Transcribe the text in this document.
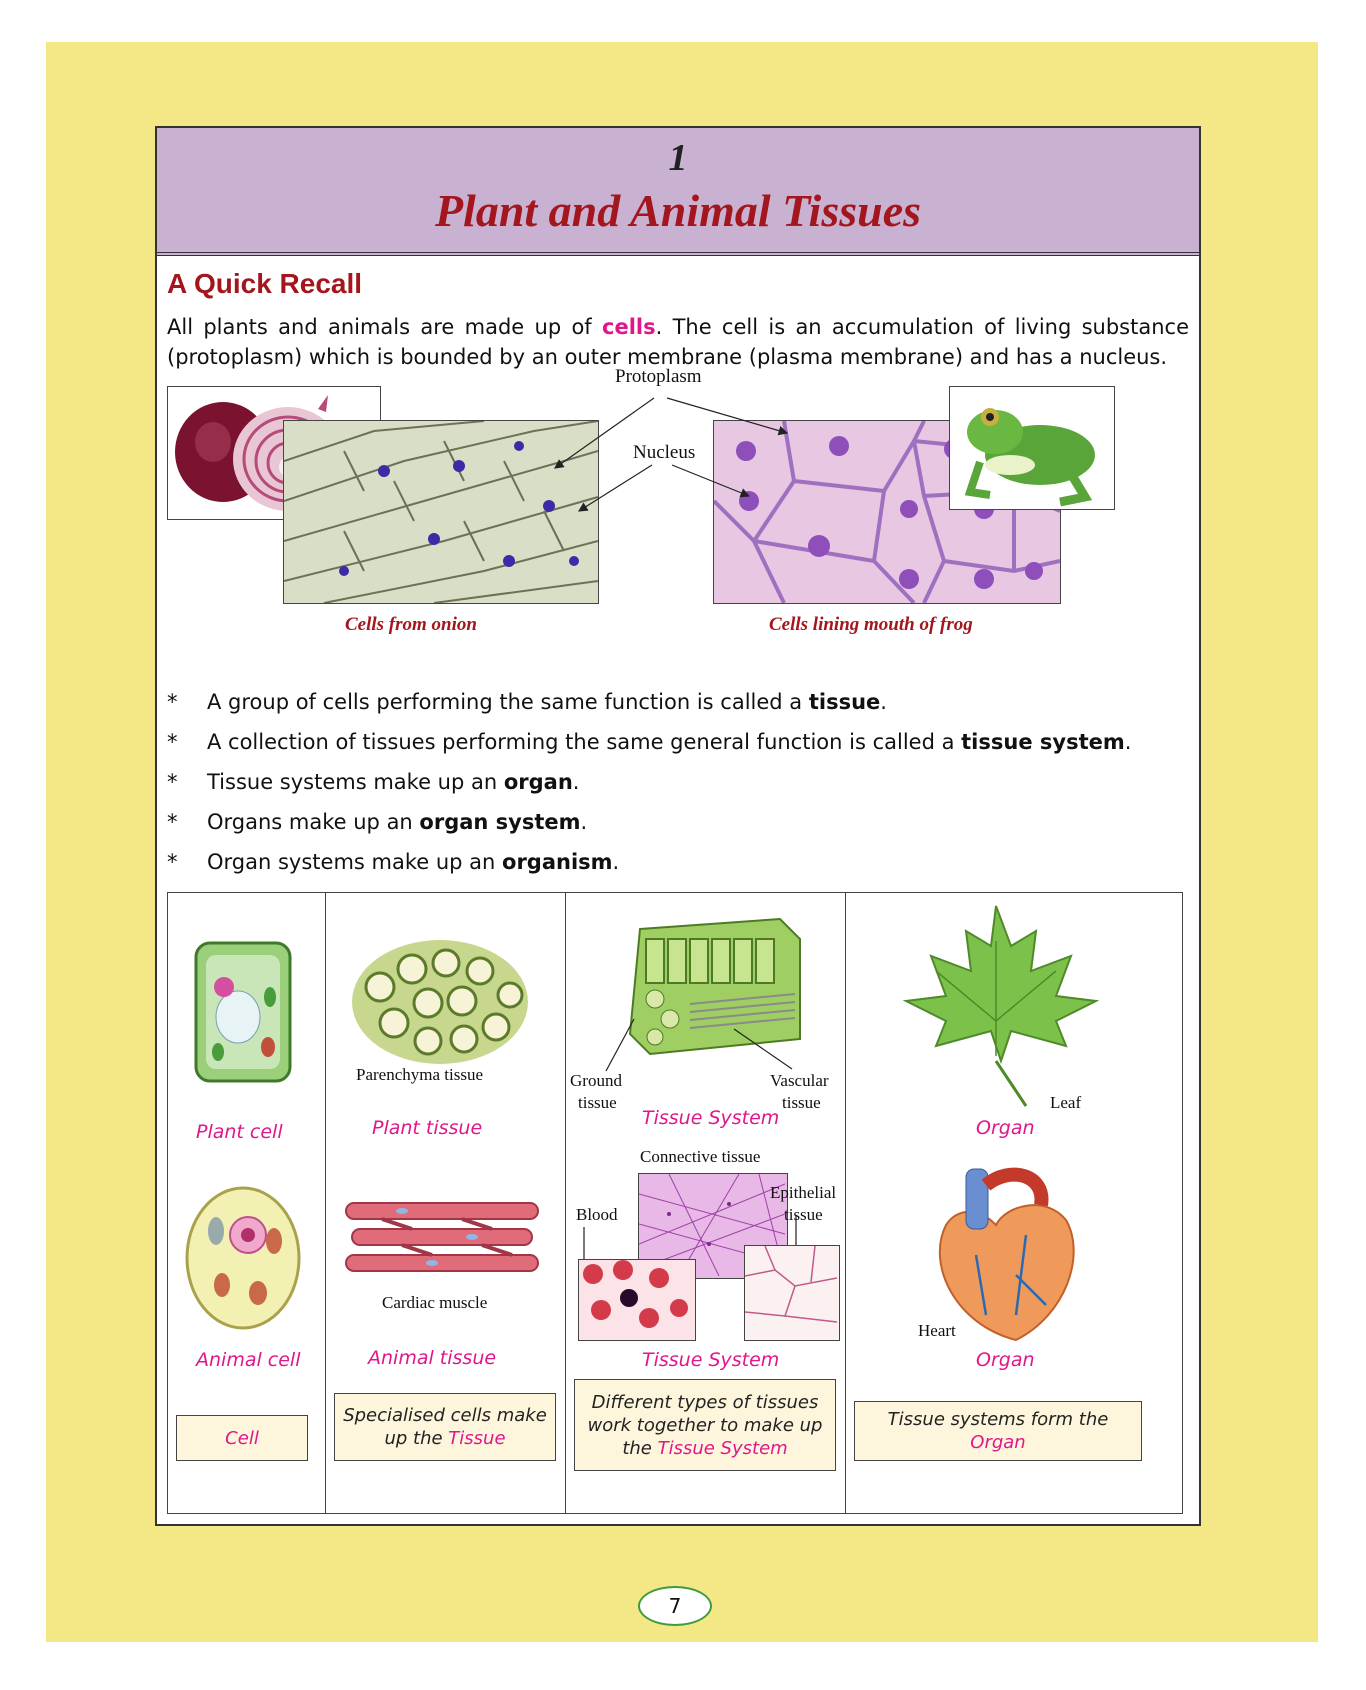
1
Plant and Animal Tissues
A Quick Recall
All plants and animals are made up of cells. The cell is an accumulation of living substance (protoplasm) which is bounded by an outer membrane (plasma membrane) and has a nucleus.
Protoplasm
Nucleus
Cells from onion	Cells lining mouth of frog
*	A group of cells performing the same function is called a tissue.
*	A collection of tissues performing the same general function is called a tissue system.
*	Tissue systems make up an organ.
*	Organs make up an organ system.
*	Organ systems make up an organism.
Plant cell
Animal cell
Cell
Parenchyma tissue
Plant tissue
Cardiac muscle
Animal tissue
Specialised cells make up the Tissue
Ground
tissue
Vascular
tissue
Tissue System
Connective tissue
Blood
Epithelial
tissue
Tissue System
Different types of tissues work together to make up the Tissue System
Leaf
Organ
Heart
Organ
Tissue systems form the
Organ
7
